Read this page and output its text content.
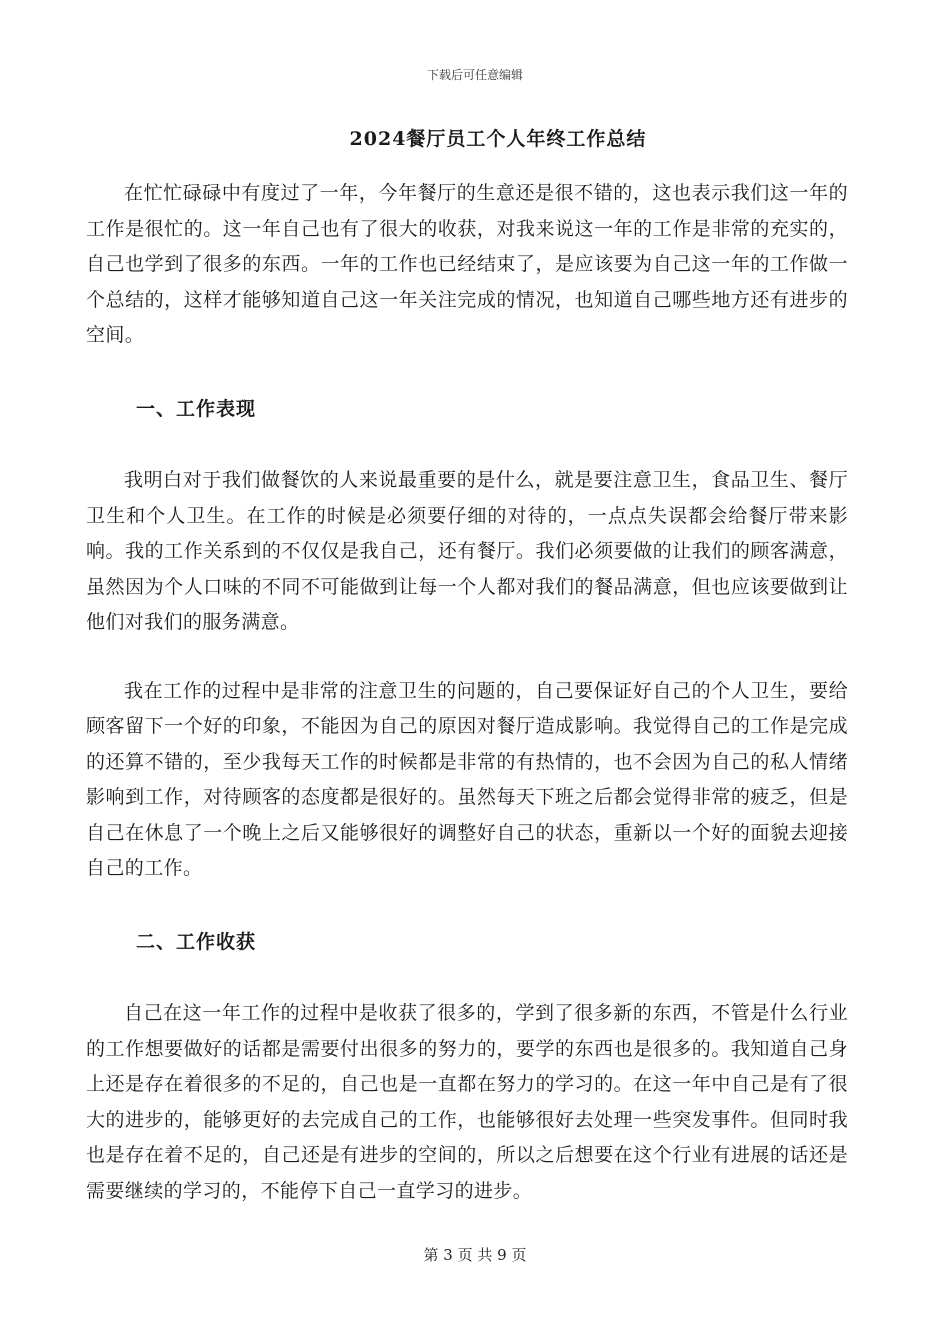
下载后可任意编辑
2024餐厅员工个人年终工作总结

在忙忙碌碌中有度过了一年，今年餐厅的生意还是很不错的，这也表示我们这一年的工作是很忙的。这一年自己也有了很大的收获，对我来说这一年的工作是非常的充实的，自己也学到了很多的东西。一年的工作也已经结束了，是应该要为自己这一年的工作做一个总结的，这样才能够知道自己这一年关注完成的情况，也知道自己哪些地方还有进步的空间。

一、工作表现

我明白对于我们做餐饮的人来说最重要的是什么，就是要注意卫生，食品卫生、餐厅卫生和个人卫生。在工作的时候是必须要仔细的对待的，一点点失误都会给餐厅带来影响。我的工作关系到的不仅仅是我自己，还有餐厅。我们必须要做的让我们的顾客满意，虽然因为个人口味的不同不可能做到让每一个人都对我们的餐品满意，但也应该要做到让他们对我们的服务满意。

我在工作的过程中是非常的注意卫生的问题的，自己要保证好自己的个人卫生，要给顾客留下一个好的印象，不能因为自己的原因对餐厅造成影响。我觉得自己的工作是完成的还算不错的，至少我每天工作的时候都是非常的有热情的，也不会因为自己的私人情绪影响到工作，对待顾客的态度都是很好的。虽然每天下班之后都会觉得非常的疲乏，但是自己在休息了一个晚上之后又能够很好的调整好自己的状态，重新以一个好的面貌去迎接自己的工作。

二、工作收获

自己在这一年工作的过程中是收获了很多的，学到了很多新的东西，不管是什么行业的工作想要做好的话都是需要付出很多的努力的，要学的东西也是很多的。我知道自己身上还是存在着很多的不足的，自己也是一直都在努力的学习的。在这一年中自己是有了很大的进步的，能够更好的去完成自己的工作，也能够很好去处理一些突发事件。但同时我也是存在着不足的，自己还是有进步的空间的，所以之后想要在这个行业有进展的话还是需要继续的学习的，不能停下自己一直学习的进步。

第 3 页 共 9 页
